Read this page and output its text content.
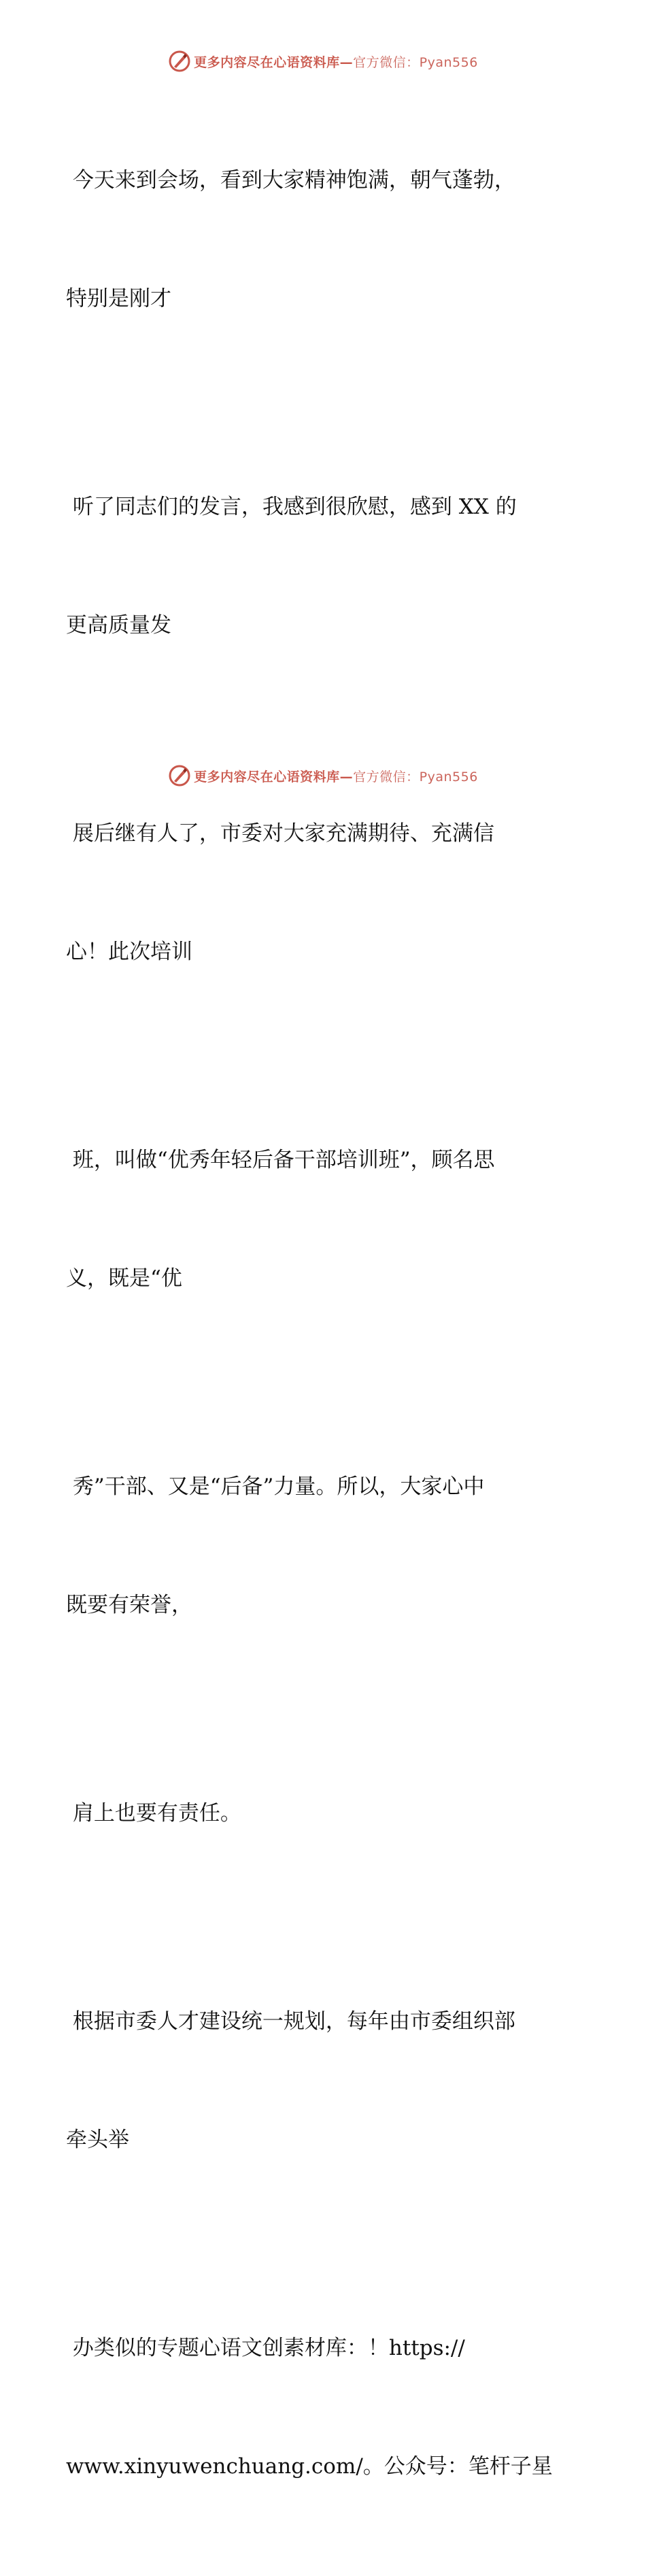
更多内容尽在心语资料库—官方微信：Pyan556

今天来到会场，看到大家精神饱满，朝气蓬勃，

特别是刚才

听了同志们的发言，我感到很欣慰，感到 XX 的

更高质量发

展后继有人了，市委对大家充满期待、充满信

心！此次培训

班，叫做“优秀年轻后备干部培训班”，顾名思

义，既是“优

秀”干部、又是“后备”力量。所以，大家心中

既要有荣誉，

肩上也要有责任。

根据市委人才建设统一规划，每年由市委组织部

牵头举

办类似的专题心语文创素材库：！https://

www.xinyuwenchuang.com/。公众号：笔杆子星

更多内容尽在心语资料库—官方微信：Pyan556
